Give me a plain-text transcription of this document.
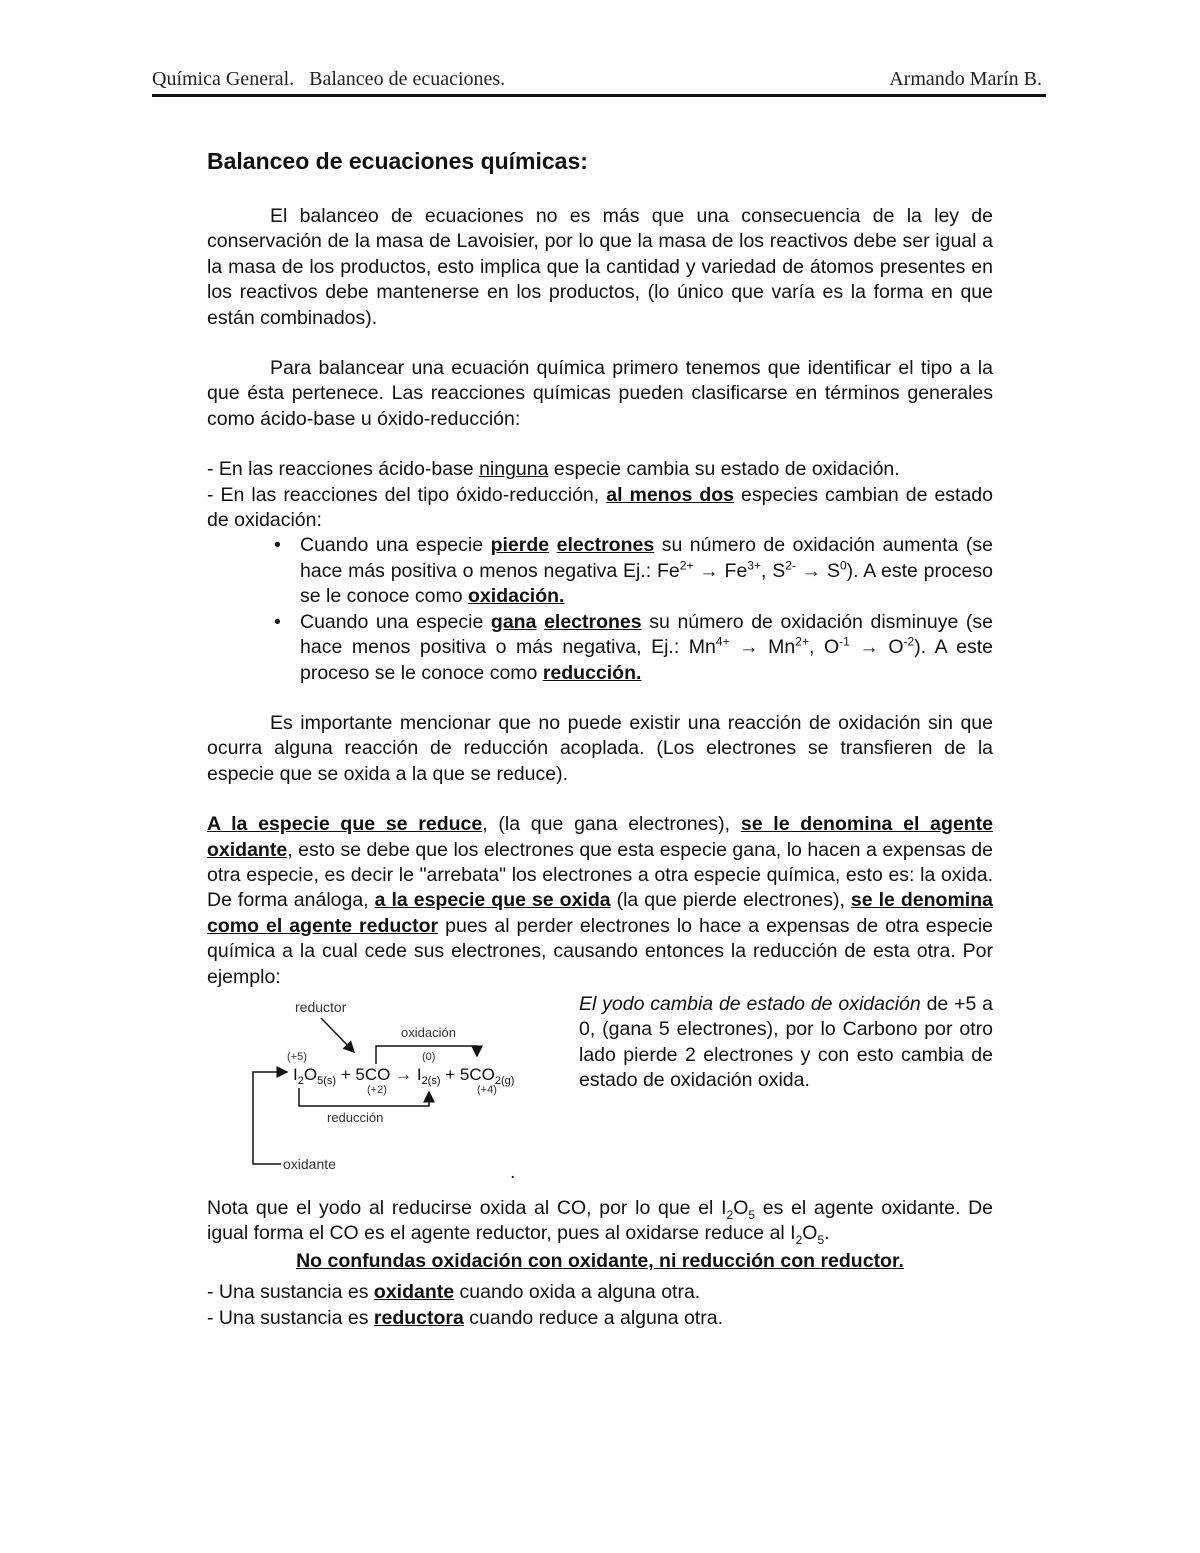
Química General.   Balanceo de ecuaciones.	Armando Marín B.
Balanceo de ecuaciones químicas:

El balanceo de ecuaciones no es más que una consecuencia de la ley de conservación de la masa de Lavoisier, por lo que la masa de los reactivos debe ser igual a la masa de los productos, esto implica que la cantidad y variedad de átomos presentes en los reactivos debe mantenerse en los productos, (lo único que varía es la forma en que están combinados).

Para balancear una ecuación química primero tenemos que identificar el tipo a la que ésta pertenece. Las reacciones químicas pueden clasificarse en términos generales como ácido-base u óxido-reducción:

- En las reacciones ácido-base ninguna especie cambia su estado de oxidación.

- En las reacciones del tipo óxido-reducción, al menos dos especies cambian de estado de oxidación:

• Cuando una especie pierde electrones su número de oxidación aumenta (se hace más positiva o menos negativa Ej.: $Fe^{2+} \to Fe^{3+}$, $S^{2-} \to S^0$). A este proceso se le conoce como oxidación.
• Cuando una especie gana electrones su número de oxidación disminuye (se hace menos positiva o más negativa, Ej.: $Mn^{4+} \to Mn^{2+}$, $O^{-1} \to O^{-2}$). A este proceso se le conoce como reducción.

Es importante mencionar que no puede existir una reacción de oxidación sin que ocurra alguna reacción de reducción acoplada. (Los electrones se transfieren de la especie que se oxida a la que se reduce).

A la especie que se reduce, (la que gana electrones), se le denomina el agente oxidante, esto se debe que los electrones que esta especie gana, lo hacen a expensas de otra especie, es decir le "arrebata" los electrones a otra especie química, esto es: la oxida. De forma análoga, a la especie que se oxida (la que pierde electrones), se le denomina como el agente reductor pues al perder electrones lo hace a expensas de otra especie química a la cual cede sus electrones, causando entonces la reducción de esta otra. Por ejemplo:

reductor
oxidación
(+5)	(0)
(+2)	(+4)
$I_2O_{5(s)} + 5CO \to I_{2(s)} + 5CO_{2(g)}$
reducción
oxidante	.

El yodo cambia de estado de oxidación de +5 a 0, (gana 5 electrones), por lo Carbono por otro lado pierde 2 electrones y con esto cambia de estado de oxidación oxida.

Nota que el yodo al reducirse oxida al CO, por lo que el $I_2O_5$ es el agente oxidante. De igual forma el CO es el agente reductor, pues al oxidarse reduce al $I_2O_5$.

No confundas oxidación con oxidante, ni reducción con reductor.

- Una sustancia es oxidante cuando oxida a alguna otra.

- Una sustancia es reductora cuando reduce a alguna otra.
